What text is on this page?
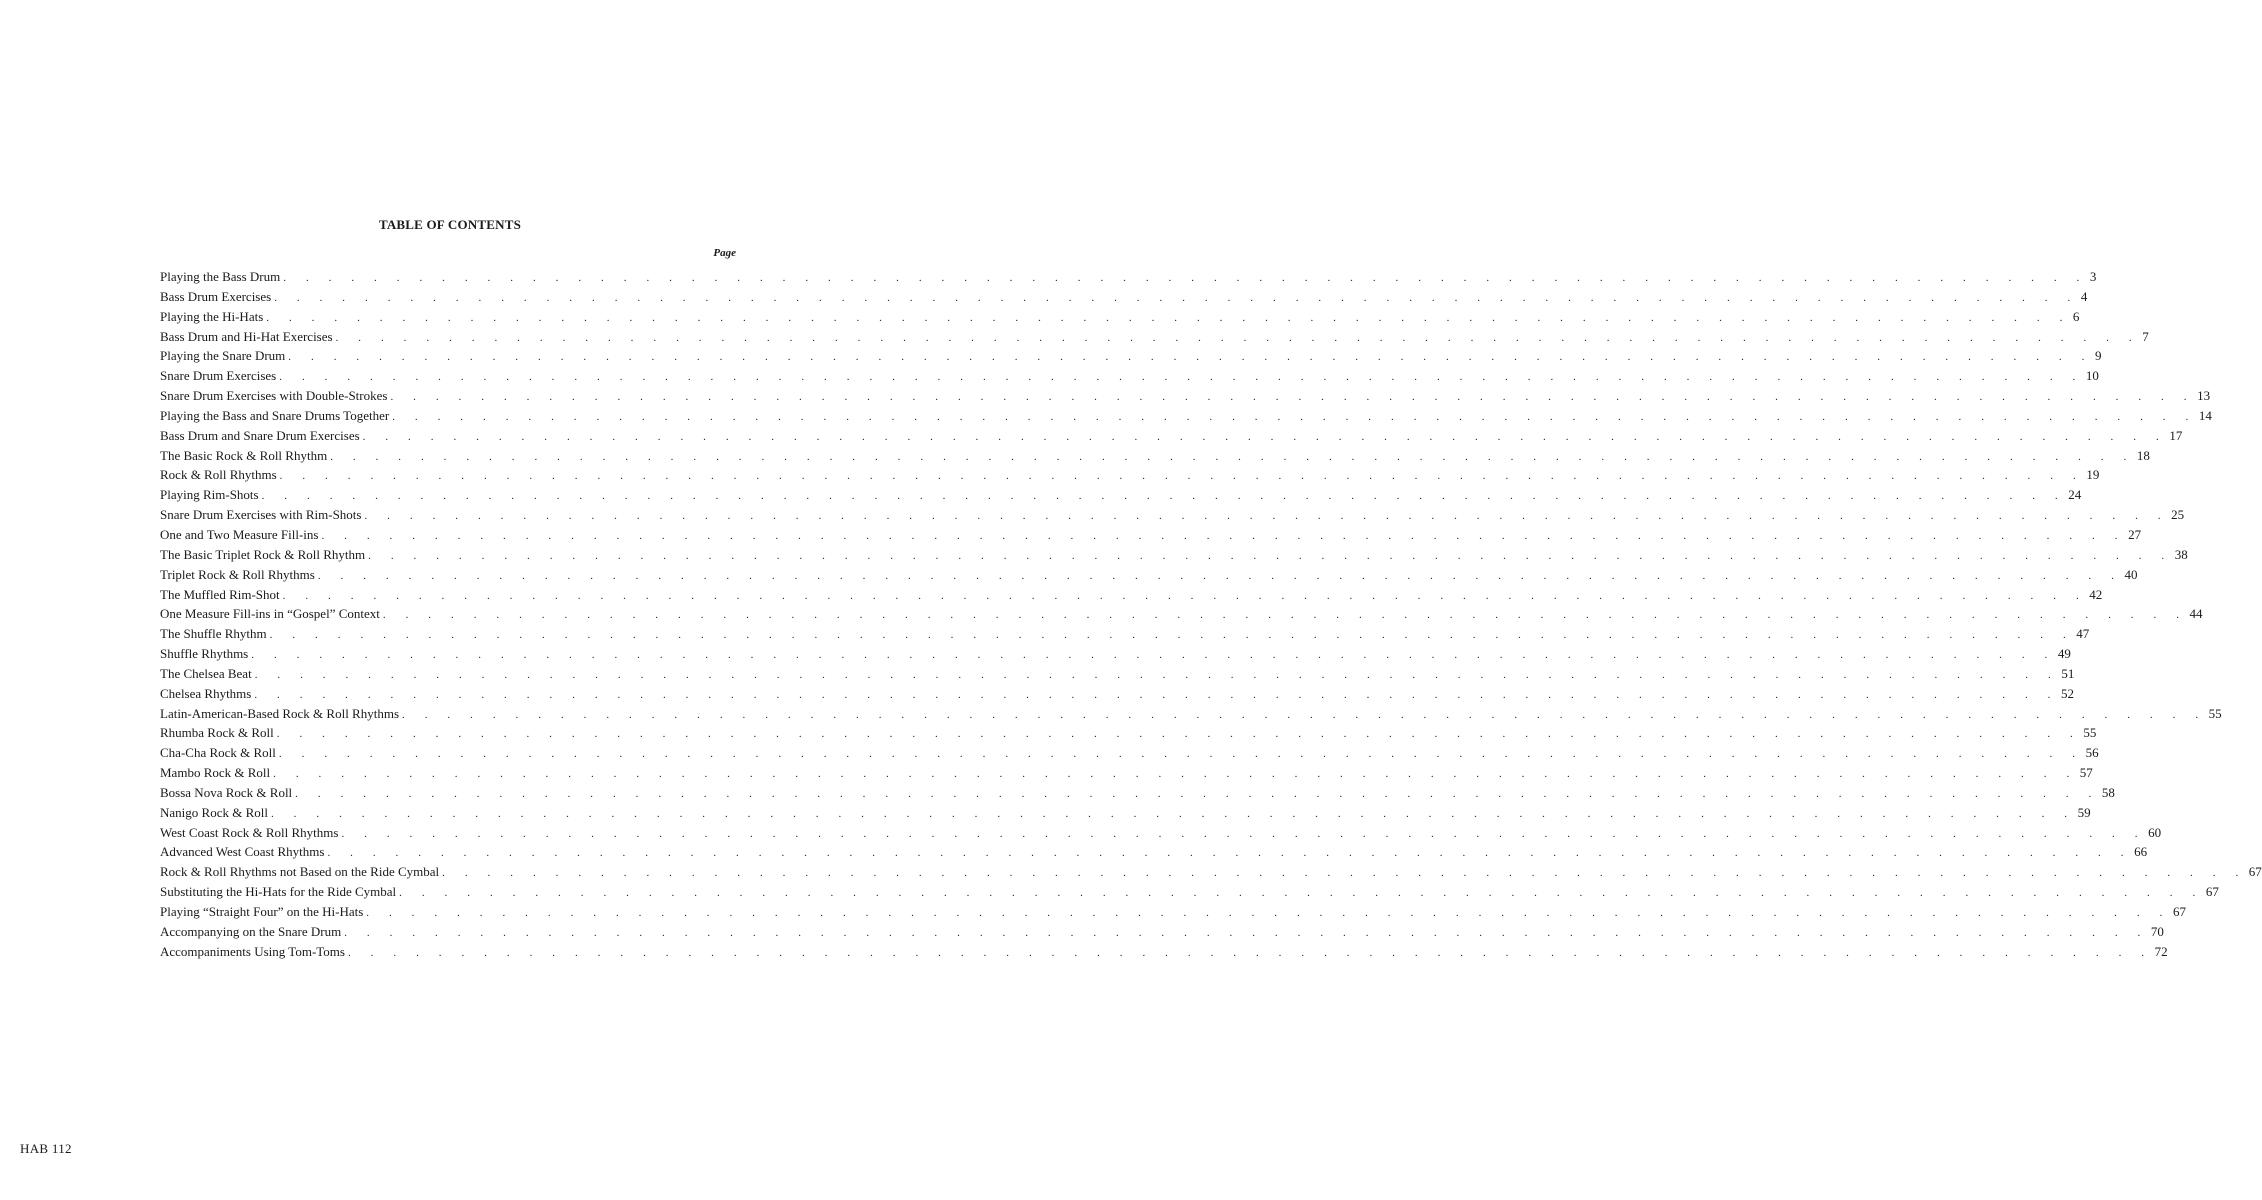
TABLE OF CONTENTS
Page
Playing the Bass Drum . . . . . . . . . . . . . . . . . . . . . . . . . . . . . . . . . . . . . . . . . . . . . . . . . . . . . . . . . . . . . . . . . . . . . . . . . . . . . . . . 3
Bass Drum Exercises . . . . . . . . . . . . . . . . . . . . . . . . . . . . . . . . . . . . . . . . . . . . . . . . . . . . . . . . . . . . . . . . . . . . . . . . . . . . . . . . 4
Playing the Hi-Hats . . . . . . . . . . . . . . . . . . . . . . . . . . . . . . . . . . . . . . . . . . . . . . . . . . . . . . . . . . . . . . . . . . . . . . . . . . . . . . . . 6
Bass Drum and Hi-Hat Exercises . . . . . . . . . . . . . . . . . . . . . . . . . . . . . . . . . . . . . . . . . . . . . . . . . . . . . . . . . . . . . . . . . . . . . . . . . . . . . . . . 7
Playing the Snare Drum . . . . . . . . . . . . . . . . . . . . . . . . . . . . . . . . . . . . . . . . . . . . . . . . . . . . . . . . . . . . . . . . . . . . . . . . . . . . . . . . 9
Snare Drum Exercises . . . . . . . . . . . . . . . . . . . . . . . . . . . . . . . . . . . . . . . . . . . . . . . . . . . . . . . . . . . . . . . . . . . . . . . . . . . . . . . . 10
Snare Drum Exercises with Double-Strokes . . . . . . . . . . . . . . . . . . . . . . . . . . . . . . . . . . . . . . . . . . . . . . . . . . . . . . . . . . . . . . . . . . . . . . . . . . . . . . . . 13
Playing the Bass and Snare Drums Together . . . . . . . . . . . . . . . . . . . . . . . . . . . . . . . . . . . . . . . . . . . . . . . . . . . . . . . . . . . . . . . . . . . . . . . . . . . . . . . . 14
Bass Drum and Snare Drum Exercises . . . . . . . . . . . . . . . . . . . . . . . . . . . . . . . . . . . . . . . . . . . . . . . . . . . . . . . . . . . . . . . . . . . . . . . . . . . . . . . . 17
The Basic Rock & Roll Rhythm . . . . . . . . . . . . . . . . . . . . . . . . . . . . . . . . . . . . . . . . . . . . . . . . . . . . . . . . . . . . . . . . . . . . . . . . . . . . . . . . 18
Rock & Roll Rhythms . . . . . . . . . . . . . . . . . . . . . . . . . . . . . . . . . . . . . . . . . . . . . . . . . . . . . . . . . . . . . . . . . . . . . . . . . . . . . . . . 19
Playing Rim-Shots . . . . . . . . . . . . . . . . . . . . . . . . . . . . . . . . . . . . . . . . . . . . . . . . . . . . . . . . . . . . . . . . . . . . . . . . . . . . . . . . 24
Snare Drum Exercises with Rim-Shots . . . . . . . . . . . . . . . . . . . . . . . . . . . . . . . . . . . . . . . . . . . . . . . . . . . . . . . . . . . . . . . . . . . . . . . . . . . . . . . . 25
One and Two Measure Fill-ins . . . . . . . . . . . . . . . . . . . . . . . . . . . . . . . . . . . . . . . . . . . . . . . . . . . . . . . . . . . . . . . . . . . . . . . . . . . . . . . . 27
The Basic Triplet Rock & Roll Rhythm . . . . . . . . . . . . . . . . . . . . . . . . . . . . . . . . . . . . . . . . . . . . . . . . . . . . . . . . . . . . . . . . . . . . . . . . . . . . . . . . 38
Triplet Rock & Roll Rhythms . . . . . . . . . . . . . . . . . . . . . . . . . . . . . . . . . . . . . . . . . . . . . . . . . . . . . . . . . . . . . . . . . . . . . . . . . . . . . . . . 40
The Muffled Rim-Shot . . . . . . . . . . . . . . . . . . . . . . . . . . . . . . . . . . . . . . . . . . . . . . . . . . . . . . . . . . . . . . . . . . . . . . . . . . . . . . . . 42
One Measure Fill-ins in “Gospel” Context . . . . . . . . . . . . . . . . . . . . . . . . . . . . . . . . . . . . . . . . . . . . . . . . . . . . . . . . . . . . . . . . . . . . . . . . . . . . . . . . 44
The Shuffle Rhythm . . . . . . . . . . . . . . . . . . . . . . . . . . . . . . . . . . . . . . . . . . . . . . . . . . . . . . . . . . . . . . . . . . . . . . . . . . . . . . . . 47
Shuffle Rhythms . . . . . . . . . . . . . . . . . . . . . . . . . . . . . . . . . . . . . . . . . . . . . . . . . . . . . . . . . . . . . . . . . . . . . . . . . . . . . . . . 49
The Chelsea Beat . . . . . . . . . . . . . . . . . . . . . . . . . . . . . . . . . . . . . . . . . . . . . . . . . . . . . . . . . . . . . . . . . . . . . . . . . . . . . . . . 51
Chelsea Rhythms . . . . . . . . . . . . . . . . . . . . . . . . . . . . . . . . . . . . . . . . . . . . . . . . . . . . . . . . . . . . . . . . . . . . . . . . . . . . . . . . 52
Latin-American-Based Rock & Roll Rhythms . . . . . . . . . . . . . . . . . . . . . . . . . . . . . . . . . . . . . . . . . . . . . . . . . . . . . . . . . . . . . . . . . . . . . . . . . . . . . . . . 55
Rhumba Rock & Roll . . . . . . . . . . . . . . . . . . . . . . . . . . . . . . . . . . . . . . . . . . . . . . . . . . . . . . . . . . . . . . . . . . . . . . . . . . . . . . . . 55
Cha-Cha Rock & Roll . . . . . . . . . . . . . . . . . . . . . . . . . . . . . . . . . . . . . . . . . . . . . . . . . . . . . . . . . . . . . . . . . . . . . . . . . . . . . . . . 56
Mambo Rock & Roll . . . . . . . . . . . . . . . . . . . . . . . . . . . . . . . . . . . . . . . . . . . . . . . . . . . . . . . . . . . . . . . . . . . . . . . . . . . . . . . . 57
Bossa Nova Rock & Roll . . . . . . . . . . . . . . . . . . . . . . . . . . . . . . . . . . . . . . . . . . . . . . . . . . . . . . . . . . . . . . . . . . . . . . . . . . . . . . . . 58
Nanigo Rock & Roll . . . . . . . . . . . . . . . . . . . . . . . . . . . . . . . . . . . . . . . . . . . . . . . . . . . . . . . . . . . . . . . . . . . . . . . . . . . . . . . . 59
West Coast Rock & Roll Rhythms . . . . . . . . . . . . . . . . . . . . . . . . . . . . . . . . . . . . . . . . . . . . . . . . . . . . . . . . . . . . . . . . . . . . . . . . . . . . . . . . 60
Advanced West Coast Rhythms . . . . . . . . . . . . . . . . . . . . . . . . . . . . . . . . . . . . . . . . . . . . . . . . . . . . . . . . . . . . . . . . . . . . . . . . . . . . . . . . 66
Rock & Roll Rhythms not Based on the Ride Cymbal . . . . . . . . . . . . . . . . . . . . . . . . . . . . . . . . . . . . . . . . . . . . . . . . . . . . . . . . . . . . . . . . . . . . . . . . . . . . . . . . 67
Substituting the Hi-Hats for the Ride Cymbal . . . . . . . . . . . . . . . . . . . . . . . . . . . . . . . . . . . . . . . . . . . . . . . . . . . . . . . . . . . . . . . . . . . . . . . . . . . . . . . . 67
Playing “Straight Four” on the Hi-Hats . . . . . . . . . . . . . . . . . . . . . . . . . . . . . . . . . . . . . . . . . . . . . . . . . . . . . . . . . . . . . . . . . . . . . . . . . . . . . . . . 67
Accompanying on the Snare Drum . . . . . . . . . . . . . . . . . . . . . . . . . . . . . . . . . . . . . . . . . . . . . . . . . . . . . . . . . . . . . . . . . . . . . . . . . . . . . . . . 70
Accompaniments Using Tom-Toms . . . . . . . . . . . . . . . . . . . . . . . . . . . . . . . . . . . . . . . . . . . . . . . . . . . . . . . . . . . . . . . . . . . . . . . . . . . . . . . . 72
HAB 112
